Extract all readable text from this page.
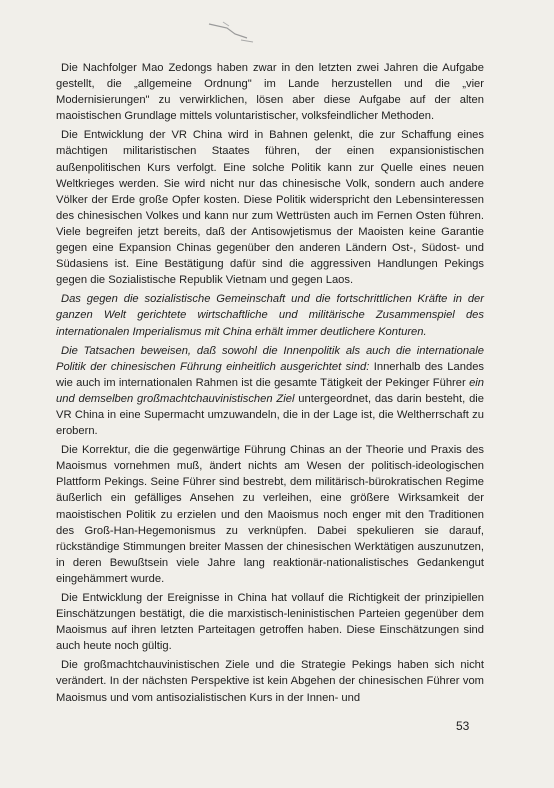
Die Nachfolger Mao Zedongs haben zwar in den letzten zwei Jahren die Aufgabe gestellt, die „allgemeine Ordnung" im Lande herzustellen und die „vier Modernisierungen" zu verwirklichen, lösen aber diese Aufgabe auf der alten maoistischen Grundlage mittels voluntaristischer, volksfeindlicher Methoden.

Die Entwicklung der VR China wird in Bahnen gelenkt, die zur Schaffung eines mächtigen militaristischen Staates führen, der einen expansionistischen außenpolitischen Kurs verfolgt. Eine solche Politik kann zur Quelle eines neuen Weltkrieges werden. Sie wird nicht nur das chinesische Volk, sondern auch andere Völker der Erde große Opfer kosten. Diese Politik widerspricht den Lebensinteressen des chinesischen Volkes und kann nur zum Wettrüsten auch im Fernen Osten führen. Viele begreifen jetzt bereits, daß der Antisowjetismus der Maoisten keine Garantie gegen eine Expansion Chinas gegenüber den anderen Ländern Ost-, Südost- und Südasiens ist. Eine Bestätigung dafür sind die aggressiven Handlungen Pekings gegen die Sozialistische Republik Vietnam und gegen Laos.

Das gegen die sozialistische Gemeinschaft und die fortschrittlichen Kräfte in der ganzen Welt gerichtete wirtschaftliche und militärische Zusammenspiel des internationalen Imperialismus mit China erhält immer deutlichere Konturen.

Die Tatsachen beweisen, daß sowohl die Innenpolitik als auch die internationale Politik der chinesischen Führung einheitlich ausgerichtet sind: Innerhalb des Landes wie auch im internationalen Rahmen ist die gesamte Tätigkeit der Pekinger Führer ein und demselben großmachtchauvinistischen Ziel untergeordnet, das darin besteht, die VR China in eine Supermacht umzuwandeln, die in der Lage ist, die Weltherrschaft zu erobern.

Die Korrektur, die die gegenwärtige Führung Chinas an der Theorie und Praxis des Maoismus vornehmen muß, ändert nichts am Wesen der politisch-ideologischen Plattform Pekings. Seine Führer sind bestrebt, dem militärisch-bürokratischen Regime äußerlich ein gefälliges Ansehen zu verleihen, eine größere Wirksamkeit der maoistischen Politik zu erzielen und den Maoismus noch enger mit den Traditionen des Groß-Han-Hegemonismus zu verknüpfen. Dabei spekulieren sie darauf, rückständige Stimmungen breiter Massen der chinesischen Werktätigen auszunutzen, in deren Bewußtsein viele Jahre lang reaktionär-nationalistisches Gedankengut eingehämmert wurde.

Die Entwicklung der Ereignisse in China hat vollauf die Richtigkeit der prinzipiellen Einschätzungen bestätigt, die die marxistisch-leninistischen Parteien gegenüber dem Maoismus auf ihren letzten Parteitagen getroffen haben. Diese Einschätzungen sind auch heute noch gültig.

Die großmachtchauvinistischen Ziele und die Strategie Pekings haben sich nicht verändert. In der nächsten Perspektive ist kein Abgehen der chinesischen Führer vom Maoismus und vom antisozialistischen Kurs in der Innen- und

53
